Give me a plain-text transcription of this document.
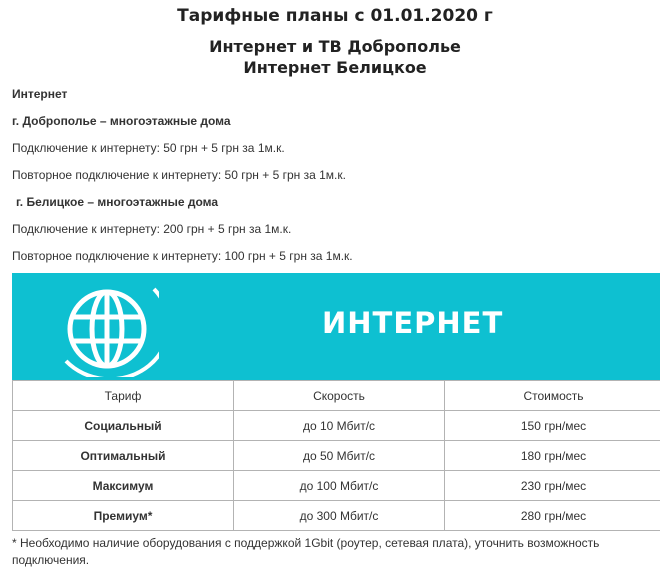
Тарифные планы с 01.01.2020 г
Интернет и ТВ Доброполье
Интернет Белицкое
Интернет
г. Доброполье – многоэтажные дома
Подключение к интернету: 50 грн + 5 грн за 1м.к.
Повторное подключение к интернету: 50 грн + 5 грн за 1м.к.
г. Белицкое – многоэтажные дома
Подключение к интернету: 200 грн + 5 грн за 1м.к.
Повторное подключение к интернету: 100 грн + 5 грн за 1м.к.
ИНТЕРНЕТ
Тариф	Скорость	Стоимость
Социальный	до 10 Мбит/с	150 грн/мес
Оптимальный	до 50 Мбит/с	180 грн/мес
Максимум	до 100 Мбит/с	230 грн/мес
Премиум*	до 300 Мбит/с	280 грн/мес
* Необходимо наличие оборудования с поддержкой 1Gbit (роутер, сетевая плата), уточнить возможность подключения.
